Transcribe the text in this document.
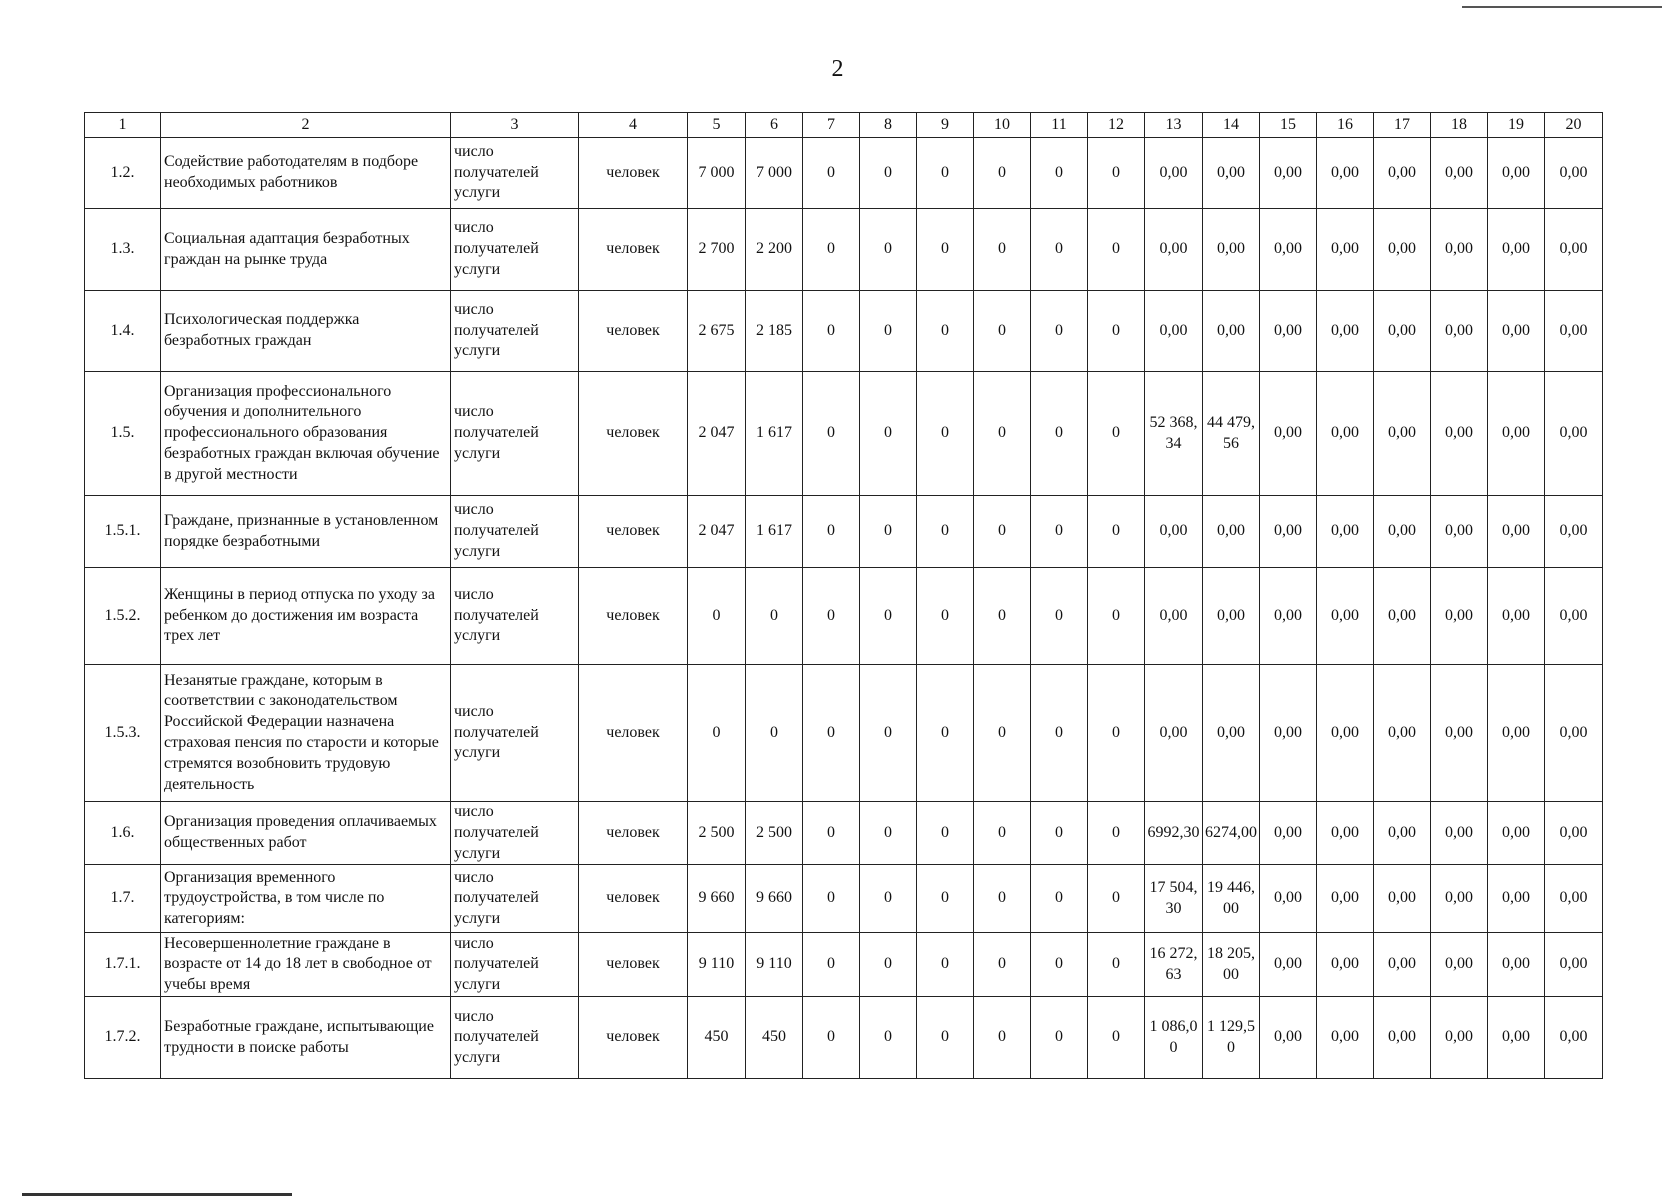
2
1	2	3	4	5	6	7	8	9	10	11	12	13	14	15	16	17	18	19	20
1.2.	Содействие работодателям в подборе необходимых работников	число получателей услуги	человек	7 000	7 000	0	0	0	0	0	0	0,00	0,00	0,00	0,00	0,00	0,00	0,00	0,00
1.3.	Социальная адаптация безработных граждан на рынке труда	число получателей услуги	человек	2 700	2 200	0	0	0	0	0	0	0,00	0,00	0,00	0,00	0,00	0,00	0,00	0,00
1.4.	Психологическая поддержка безработных граждан	число получателей услуги	человек	2 675	2 185	0	0	0	0	0	0	0,00	0,00	0,00	0,00	0,00	0,00	0,00	0,00
1.5.	Организация профессионального обучения и дополнительного профессионального образования безработных граждан включая обучение в другой местности	число получателей услуги	человек	2 047	1 617	0	0	0	0	0	0	52 368,34	44 479,56	0,00	0,00	0,00	0,00	0,00	0,00
1.5.1.	Граждане, признанные в установленном порядке безработными	число получателей услуги	человек	2 047	1 617	0	0	0	0	0	0	0,00	0,00	0,00	0,00	0,00	0,00	0,00	0,00
1.5.2.	Женщины в период отпуска по уходу за ребенком до достижения им возраста трех лет	число получателей услуги	человек	0	0	0	0	0	0	0	0	0,00	0,00	0,00	0,00	0,00	0,00	0,00	0,00
1.5.3.	Незанятые граждане, которым в соответствии с законодательством Российской Федерации назначена страховая пенсия по старости и которые стремятся возобновить трудовую деятельность	число получателей услуги	человек	0	0	0	0	0	0	0	0	0,00	0,00	0,00	0,00	0,00	0,00	0,00	0,00
1.6.	Организация проведения оплачиваемых общественных работ	число получателей услуги	человек	2 500	2 500	0	0	0	0	0	0	6992,30	6274,00	0,00	0,00	0,00	0,00	0,00	0,00
1.7.	Организация временного трудоустройства, в том числе по категориям:	число получателей услуги	человек	9 660	9 660	0	0	0	0	0	0	17 504,30	19 446,00	0,00	0,00	0,00	0,00	0,00	0,00
1.7.1.	Несовершеннолетние граждане в возрасте от 14 до 18 лет в свободное от учебы время	число получателей услуги	человек	9 110	9 110	0	0	0	0	0	0	16 272,63	18 205,00	0,00	0,00	0,00	0,00	0,00	0,00
1.7.2.	Безработные граждане, испытывающие трудности в поиске работы	число получателей услуги	человек	450	450	0	0	0	0	0	0	1 086,00	1 129,50	0,00	0,00	0,00	0,00	0,00	0,00
